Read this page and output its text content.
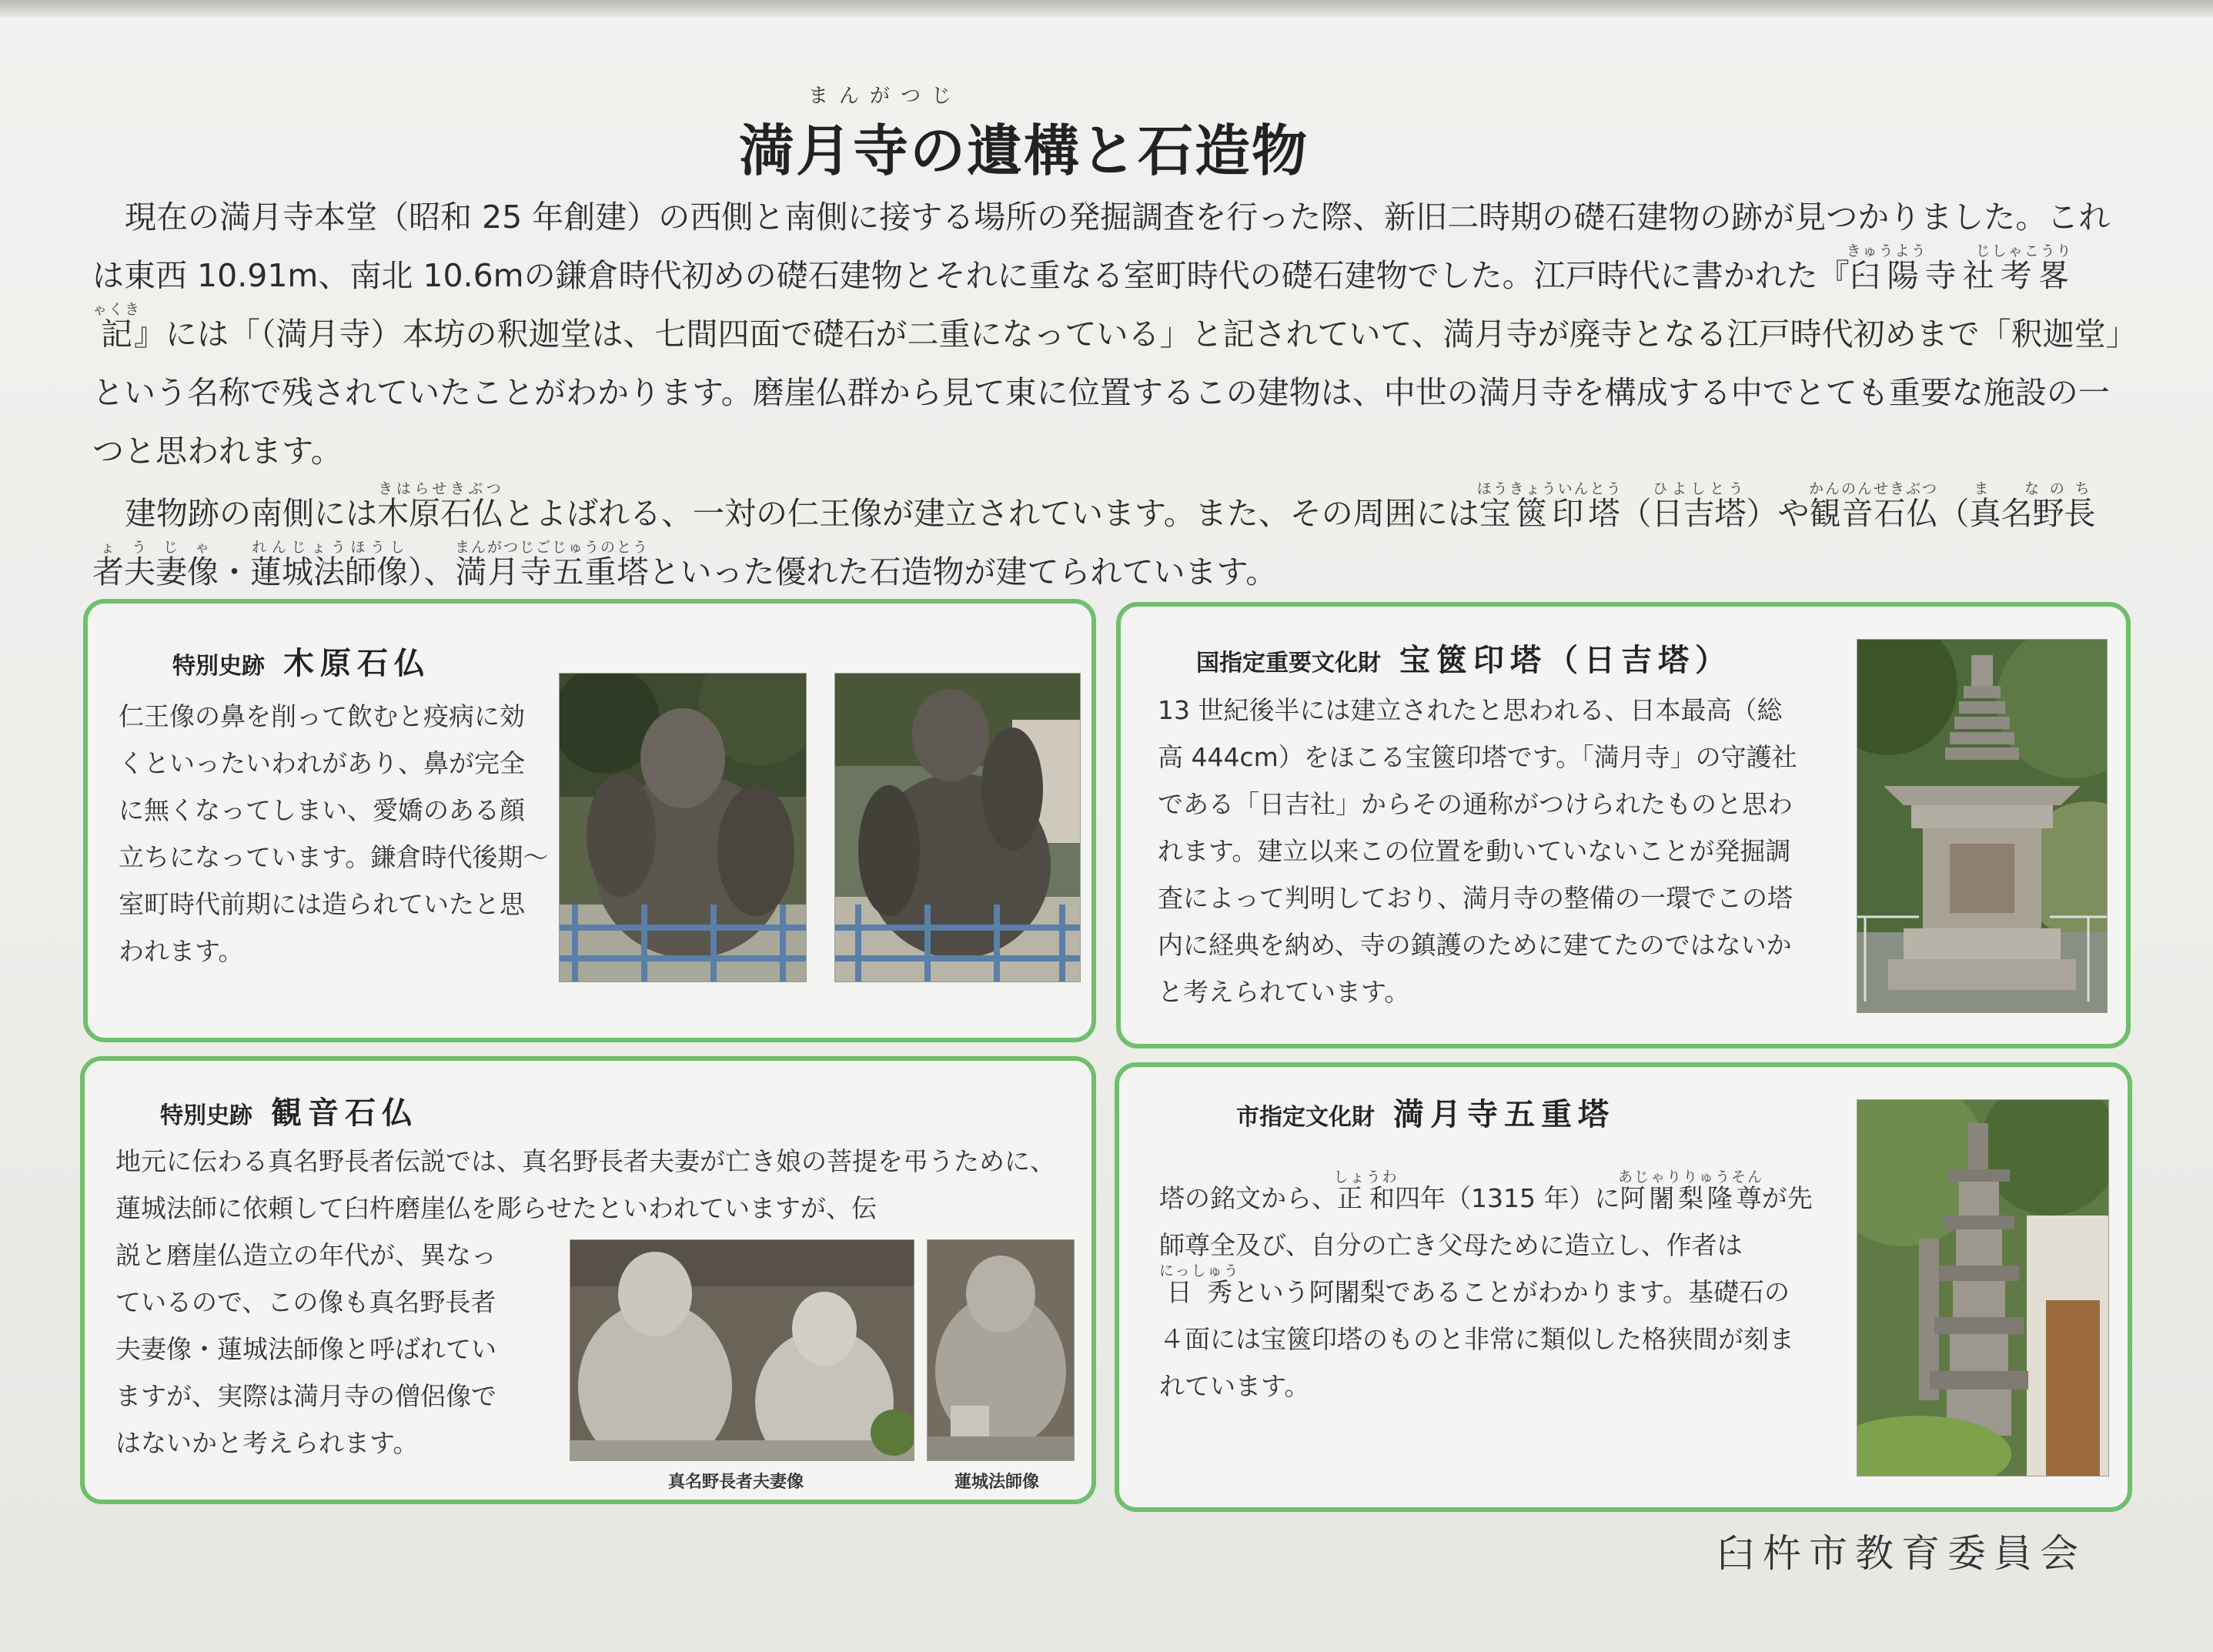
まんがつじ
満月寺の遺構と石造物

現在の満月寺本堂（昭和 25 年創建）の西側と南側に接する場所の発掘調査を行った際、新旧二時期の礎石建物の跡が見つかりました。これは東西 10.91m、南北 10.6mの鎌倉時代初めの礎石建物とそれに重なる室町時代の礎石建物でした。江戸時代に書かれた『臼陽寺社考畧記きゅうよう　　　じしゃこうりゃくき』には「（満月寺）本坊の釈迦堂は、七間四面で礎石が二重になっている」と記されていて、満月寺が廃寺となる江戸時代初めまで「釈迦堂」という名称で残されていたことがわかります。磨崖仏群から見て東に位置するこの建物は、中世の満月寺を構成する中でとても重要な施設の一つと思われます。

建物跡の南側には木原石仏きはらせきぶつとよばれる、一対の仁王像が建立されています。また、その周囲には宝篋印塔ほうきょういんとう（日吉塔ひよしとう）や観音石仏かんのんせきぶつ（真名野長者夫妻像ま　なのちょうじゃ・蓮城法師像れんじょうほうし）、満月寺五重塔まんがつじごじゅうのとうといった優れた石造物が建てられています。

特別史跡 木原石仏
仁王像の鼻を削って飲むと疫病に効くといったいわれがあり、鼻が完全に無くなってしまい、愛嬌のある顔立ちになっています。鎌倉時代後期〜室町時代前期には造られていたと思われます。
国指定重要文化財 宝篋印塔（日吉塔）
13 世紀後半には建立されたと思われる、日本最高（総高 444cm）をほこる宝篋印塔です。「満月寺」の守護社である「日吉社」からその通称がつけられたものと思われます。建立以来この位置を動いていないことが発掘調査によって判明しており、満月寺の整備の一環でこの塔内に経典を納め、寺の鎮護のために建てたのではないかと考えられています。
特別史跡 観音石仏
地元に伝わる真名野長者伝説では、真名野長者夫妻が亡き娘の菩提を弔うために、蓮城法師に依頼して臼杵磨崖仏を彫らせたといわれていますが、伝
説と磨崖仏造立の年代が、異なっているので、この像も真名野長者夫妻像・蓮城法師像と呼ばれていますが、実際は満月寺の僧侶像ではないかと考えられます。
真名野長者夫妻像	蓮城法師像
市指定文化財 満月寺五重塔
塔の銘文から、正和しょうわ四年（1315 年）に阿闍梨隆尊あじゃりりゅうそんが先師尊全及び、自分の亡き父母ために造立し、作者は日秀にっしゅうという阿闍梨であることがわかります。基礎石の４面には宝篋印塔のものと非常に類似した格狭間が刻まれています。
臼杵市教育委員会
